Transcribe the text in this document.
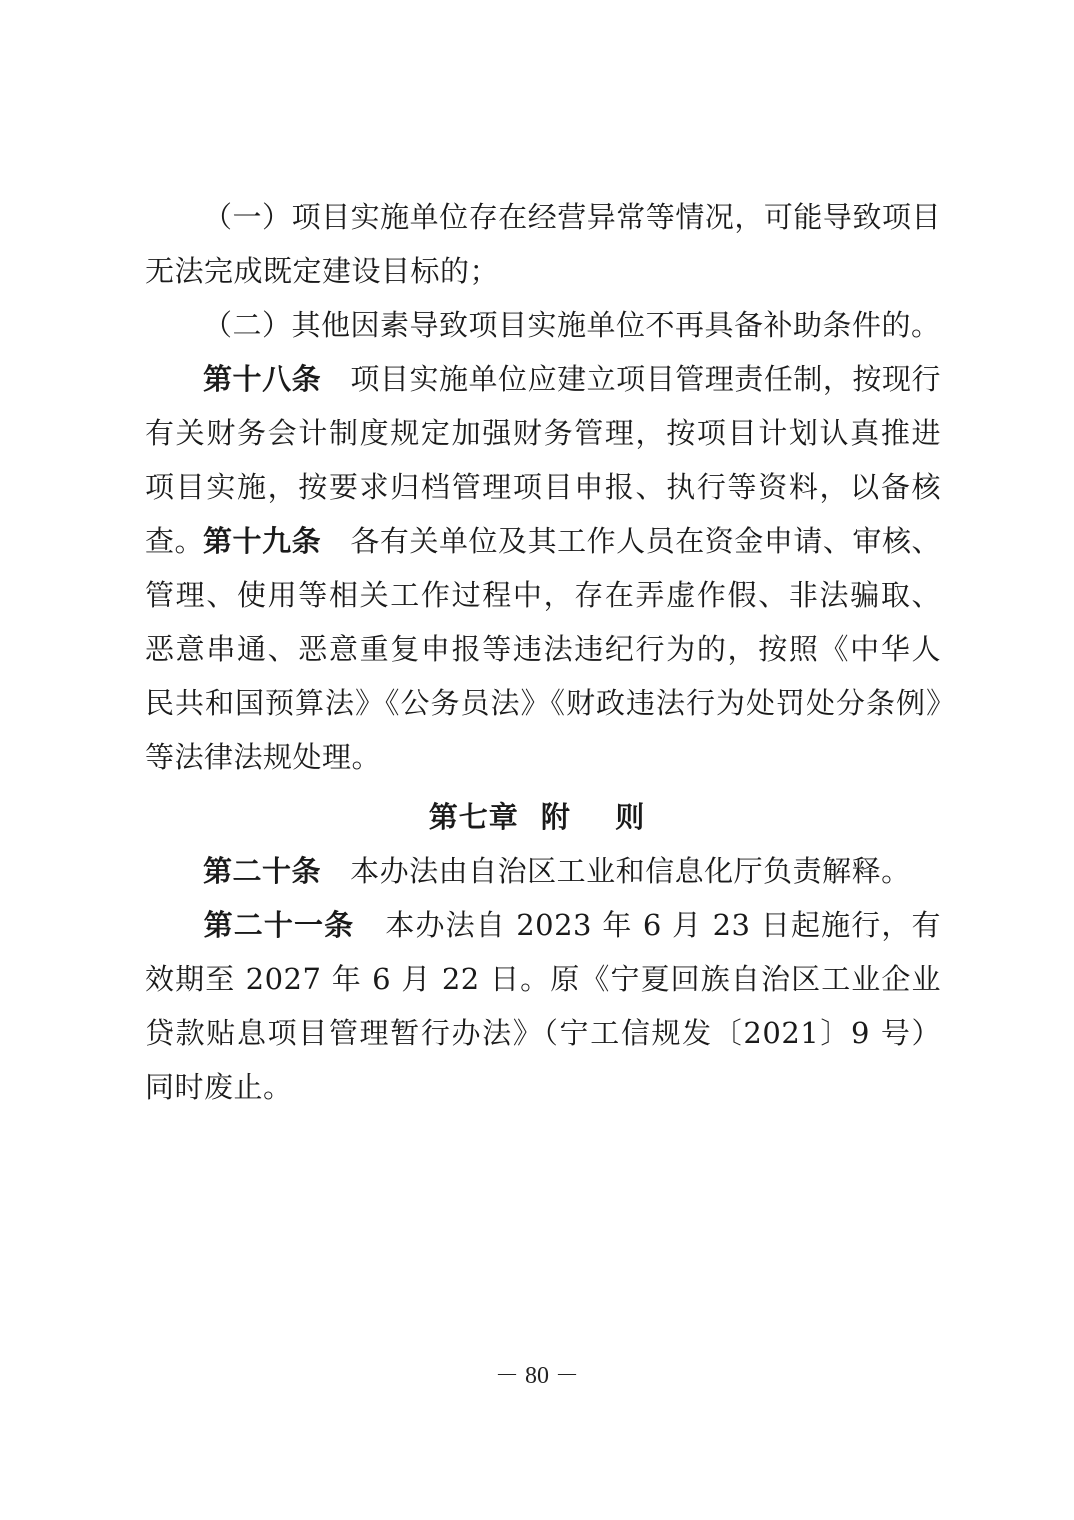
（一）项目实施单位存在经营异常等情况，可能导致项目无法完成既定建设目标的；

（二）其他因素导致项目实施单位不再具备补助条件的。

第十八条 项目实施单位应建立项目管理责任制，按现行有关财务会计制度规定加强财务管理，按项目计划认真推进项目实施，按要求归档管理项目申报、执行等资料，以备核查。

第十九条 各有关单位及其工作人员在资金申请、审核、管理、使用等相关工作过程中，存在弄虚作假、非法骗取、恶意串通、恶意重复申报等违法违纪行为的，按照《中华人民共和国预算法》《公务员法》《财政违法行为处罚处分条例》等法律法规处理。

第七章  附    则

第二十条 本办法由自治区工业和信息化厅负责解释。

第二十一条 本办法自 2023 年 6 月 23 日起施行，有效期至 2027 年 6 月 22 日。原《宁夏回族自治区工业企业贷款贴息项目管理暂行办法》（宁工信规发〔2021〕9 号）同时废止。

－ 80 －
